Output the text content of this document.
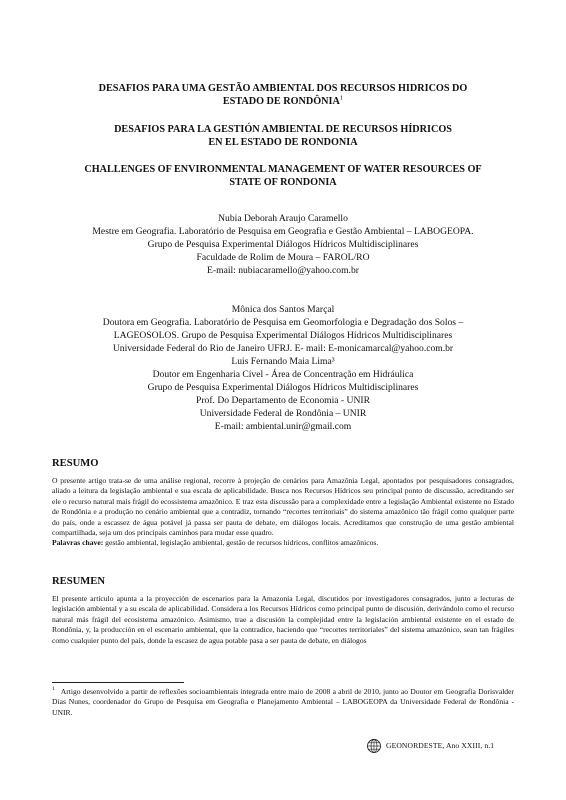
DESAFIOS PARA UMA GESTÃO AMBIENTAL DOS RECURSOS HIDRICOS DO
ESTADO DE RONDÔNIA$^1$
DESAFIOS PARA LA GESTIÓN AMBIENTAL DE RECURSOS HÍDRICOS
EN EL ESTADO DE RONDONIA
CHALLENGES OF ENVIRONMENTAL MANAGEMENT OF WATER RESOURCES OF
STATE OF RONDONIA
Nubia Deborah Araujo Caramello
Mestre em Geografia. Laboratório de Pesquisa em Geografia e Gestão Ambiental – LABOGEOPA.
Grupo de Pesquisa Experimental Diálogos Hídricos Multidisciplinares
Faculdade de Rolim de Moura – FAROL/RO
E-mail: nubiacaramello@yahoo.com.br
Mônica dos Santos Marçal
Doutora em Geografia. Laboratório de Pesquisa em Geomorfologia e Degradação dos Solos –
LAGEOSOLOS. Grupo de Pesquisa Experimental Diálogos Hídricos Multidisciplinares
Universidade Federal do Rio de Janeiro UFRJ. E- mail: E-monicamarcal@yahoo.com.br
Luis Fernando Maia Lima³
Doutor em Engenharia Cível - Área de Concentração em Hidráulica
Grupo de Pesquisa Experimental Diálogos Hídricos Multidisciplinares
Prof. Do Departamento de Economia - UNIR
Universidade Federal de Rondônia – UNIR
E-mail: ambiental.unir@gmail.com
RESUMO
O presente artigo trata-se de uma análise regional, recorre à projeção de cenários para Amazônia Legal, apontados por pesquisadores consagrados, aliado a leitura da legislação ambiental e sua escala de aplicabilidade. Busca nos Recursos Hídricos seu principal ponto de discussão, acreditando ser ele o recurso natural mais frágil do ecossistema amazônico. E traz esta discussão para a complexidade entre a legislação Ambiental existente no Estado de Rondônia e a produção no cenário ambiental que a contradiz, tornando “recortes territoriais” do sistema amazônico tão frágil como qualquer parte do país, onde a escassez de água potável já passa ser pauta de debate, em diálogos locais. Acreditamos que construção de uma gestão ambiental compartilhada, seja um dos principais caminhos para mudar esse quadro.
Palavras chave: gestão ambiental, legislação ambiental, gestão de recursos hídricos, conflitos amazônicos.
RESUMEN
El presente artículo apunta a la proyección de escenarios para la Amazonía Legal, discutidos por investigadores consagrados, junto a lecturas de legislación ambiental y a su escala de aplicabilidad. Considera a los Recursos Hídricos como principal punto de discusión, derivándolo como el recurso natural más frágil del ecosistema amazónico. Asimismo, trae a discusión la complejidad entre la legislación ambiental existente en el estado de Rondônia, y, la producción en el escenario ambiental, que la contradice, haciendo que “recortes territoriales” del sistema amazónico, sean tan frágiles como cualquier punto del país, donde la escasez de agua potable pasa a ser pauta de debate, en diálogos
$^1$ Artigo desenvolvido a partir de reflexões socioambientais integrada entre maio de 2008 a abril de 2010, junto ao Doutor em Geografia Dorisvalder Dias Nunes, coordenador do Grupo de Pesquisa em Geografia e Planejamento Ambiental – LABOGEOPA da Universidade Federal de Rondônia - UNIR.
GEONORDESTE, Ano XXIII, n.1
